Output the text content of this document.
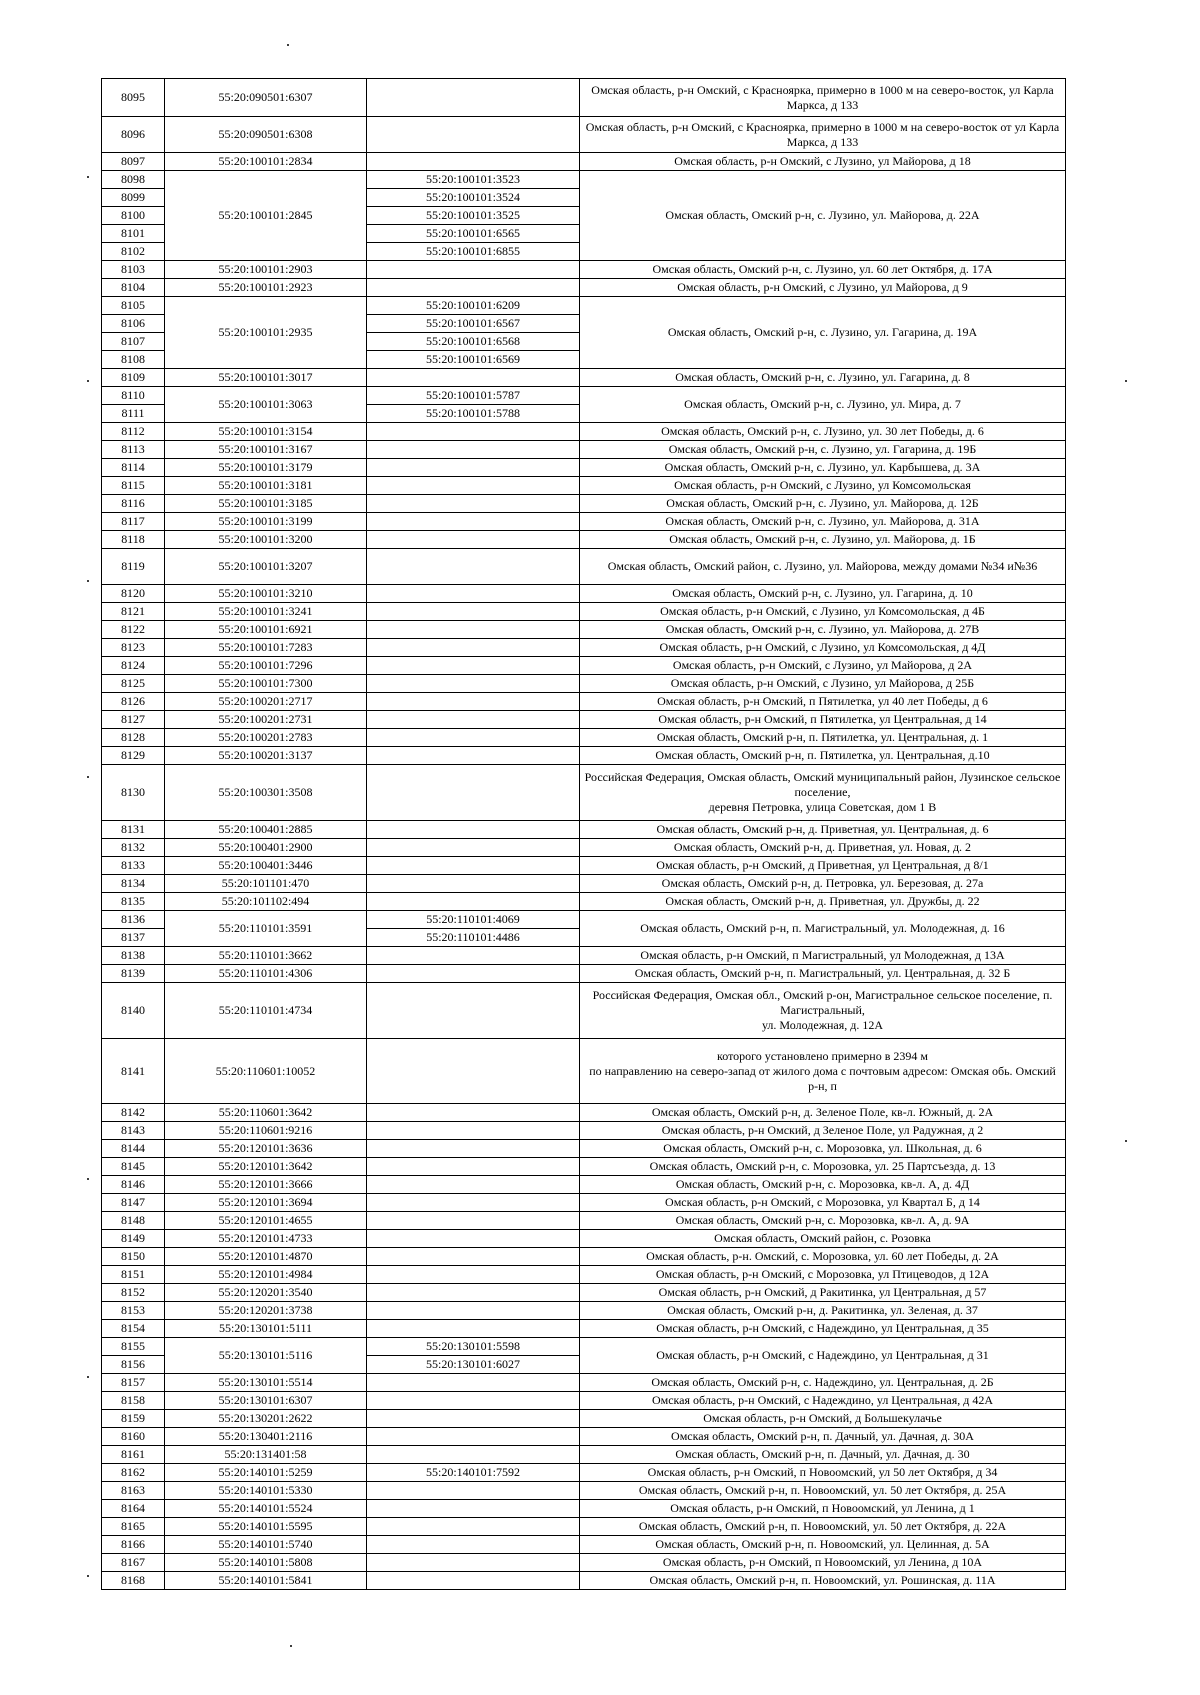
8095	55:20:090501:6307		Омская область, р-н Омский, с Красноярка, примерно в 1000 м на северо-восток, ул Карла Маркса, д 133
8096	55:20:090501:6308		Омская область, р-н Омский, с Красноярка, примерно в 1000 м на северо-восток от ул Карла Маркса, д 133
8097	55:20:100101:2834		Омская область, р-н Омский, с Лузино, ул Майорова, д 18
8098	55:20:100101:2845	55:20:100101:3523	Омская область, Омский р-н, с. Лузино, ул. Майорова, д. 22А
8099		55:20:100101:3524	
8100		55:20:100101:3525	
8101		55:20:100101:6565	
8102		55:20:100101:6855	
8103	55:20:100101:2903		Омская область, Омский р-н, с. Лузино, ул. 60 лет Октября, д. 17А
8104	55:20:100101:2923		Омская область, р-н Омский, с Лузино, ул Майорова, д 9
8105	55:20:100101:2935	55:20:100101:6209	Омская область, Омский р-н, с. Лузино, ул. Гагарина, д. 19А
8106		55:20:100101:6567	
8107		55:20:100101:6568	
8108		55:20:100101:6569	
8109	55:20:100101:3017		Омская область, Омский р-н, с. Лузино, ул. Гагарина, д. 8
8110	55:20:100101:3063	55:20:100101:5787	Омская область, Омский р-н, с. Лузино, ул. Мира, д. 7
8111		55:20:100101:5788	
8112	55:20:100101:3154		Омская область, Омский р-н, с. Лузино, ул. 30 лет Победы, д. 6
8113	55:20:100101:3167		Омская область, Омский р-н, с. Лузино, ул. Гагарина, д. 19Б
8114	55:20:100101:3179		Омская область, Омский р-н, с. Лузино, ул. Карбышева, д. 3А
8115	55:20:100101:3181		Омская область, р-н Омский, с Лузино, ул Комсомольская
8116	55:20:100101:3185		Омская область, Омский р-н, с. Лузино, ул. Майорова, д. 12Б
8117	55:20:100101:3199		Омская область, Омский р-н, с. Лузино, ул. Майорова, д. 31А
8118	55:20:100101:3200		Омская область, Омский р-н, с. Лузино, ул. Майорова, д. 1Б
8119	55:20:100101:3207		Омская область, Омский район, с. Лузино, ул. Майорова, между домами №34 и№36
8120	55:20:100101:3210		Омская область, Омский р-н, с. Лузино, ул. Гагарина, д. 10
8121	55:20:100101:3241		Омская область, р-н Омский, с Лузино, ул Комсомольская, д 4Б
8122	55:20:100101:6921		Омская область, Омский р-н, с. Лузино, ул. Майорова, д. 27В
8123	55:20:100101:7283		Омская область, р-н Омский, с Лузино, ул Комсомольская, д 4Д
8124	55:20:100101:7296		Омская область, р-н Омский, с Лузино, ул Майорова, д 2А
8125	55:20:100101:7300		Омская область, р-н Омский, с Лузино, ул Майорова, д 25Б
8126	55:20:100201:2717		Омская область, р-н Омский, п Пятилетка, ул 40 лет Победы, д 6
8127	55:20:100201:2731		Омская область, р-н Омский, п Пятилетка, ул Центральная, д 14
8128	55:20:100201:2783		Омская область, Омский р-н, п. Пятилетка, ул. Центральная, д. 1
8129	55:20:100201:3137		Омская область, Омский р-н, п. Пятилетка, ул. Центральная, д.10
8130	55:20:100301:3508		Российская Федерация, Омская область, Омский муниципальный район, Лузинское сельское поселение,
деревня Петровка, улица Советская, дом 1 В
8131	55:20:100401:2885		Омская область, Омский р-н, д. Приветная, ул. Центральная, д. 6
8132	55:20:100401:2900		Омская область, Омский р-н, д. Приветная, ул. Новая, д. 2
8133	55:20:100401:3446		Омская область, р-н Омский, д Приветная, ул Центральная, д 8/1
8134	55:20:101101:470		Омская область, Омский р-н, д. Петровка, ул. Березовая, д. 27а
8135	55:20:101102:494		Омская область, Омский р-н, д. Приветная, ул. Дружбы, д. 22
8136	55:20:110101:3591	55:20:110101:4069	Омская область, Омский р-н, п. Магистральный, ул. Молодежная, д. 16
8137		55:20:110101:4486	
8138	55:20:110101:3662		Омская область, р-н Омский, п Магистральный, ул Молодежная, д 13А
8139	55:20:110101:4306		Омская область, Омский р-н, п. Магистральный, ул. Центральная, д. 32 Б
8140	55:20:110101:4734		Российская Федерация, Омская обл., Омский р-он, Магистральное сельское поселение, п. Магистральный,
ул. Молодежная, д. 12А
8141	55:20:110601:10052		которого установлено примерно в 2394 м
по направлению на северо-запад от жилого дома с почтовым адресом: Омская обь. Омский р-н, п
8142	55:20:110601:3642		Омская область, Омский р-н, д. Зеленое Поле, кв-л. Южный, д. 2А
8143	55:20:110601:9216		Омская область, р-н Омский, д Зеленое Поле, ул Радужная, д 2
8144	55:20:120101:3636		Омская область, Омский р-н, с. Морозовка, ул. Школьная, д. 6
8145	55:20:120101:3642		Омская область, Омский р-н, с. Морозовка, ул. 25 Партсъезда, д. 13
8146	55:20:120101:3666		Омская область, Омский р-н, с. Морозовка, кв-л. А, д. 4Д
8147	55:20:120101:3694		Омская область, р-н Омский, с Морозовка, ул Квартал Б, д 14
8148	55:20:120101:4655		Омская область, Омский р-н, с. Морозовка, кв-л. А, д. 9А
8149	55:20:120101:4733		Омская область, Омский район, с. Розовка
8150	55:20:120101:4870		Омская область, р-н. Омский, с. Морозовка, ул. 60 лет Победы, д. 2А
8151	55:20:120101:4984		Омская область, р-н Омский, с Морозовка, ул Птицеводов, д 12А
8152	55:20:120201:3540		Омская область, р-н Омский, д Ракитинка, ул Центральная, д 57
8153	55:20:120201:3738		Омская область, Омский р-н, д. Ракитинка, ул. Зеленая, д. 37
8154	55:20:130101:5111		Омская область, р-н Омский, с Надеждино, ул Центральная, д 35
8155	55:20:130101:5116	55:20:130101:5598	Омская область, р-н Омский, с Надеждино, ул Центральная, д 31
8156		55:20:130101:6027	
8157	55:20:130101:5514		Омская область, Омский р-н, с. Надеждино, ул. Центральная, д. 2Б
8158	55:20:130101:6307		Омская область, р-н Омский, с Надеждино, ул Центральная, д 42А
8159	55:20:130201:2622		Омская область, р-н Омский, д Большекулачье
8160	55:20:130401:2116		Омская область, Омский р-н, п. Дачный, ул. Дачная, д. 30А
8161	55:20:131401:58		Омская область, Омский р-н, п. Дачный, ул. Дачная, д. 30
8162	55:20:140101:5259	55:20:140101:7592	Омская область, р-н Омский, п Новоомский, ул 50 лет Октября, д 34
8163	55:20:140101:5330		Омская область, Омский р-н, п. Новоомский, ул. 50 лет Октября, д. 25А
8164	55:20:140101:5524		Омская область, р-н Омский, п Новоомский, ул Ленина, д 1
8165	55:20:140101:5595		Омская область, Омский р-н, п. Новоомский, ул. 50 лет Октября, д. 22А
8166	55:20:140101:5740		Омская область, Омский р-н, п. Новоомский, ул. Целинная, д. 5А
8167	55:20:140101:5808		Омская область, р-н Омский, п Новоомский, ул Ленина, д 10А
8168	55:20:140101:5841		Омская область, Омский р-н, п. Новоомский, ул. Рошинская, д. 11А
